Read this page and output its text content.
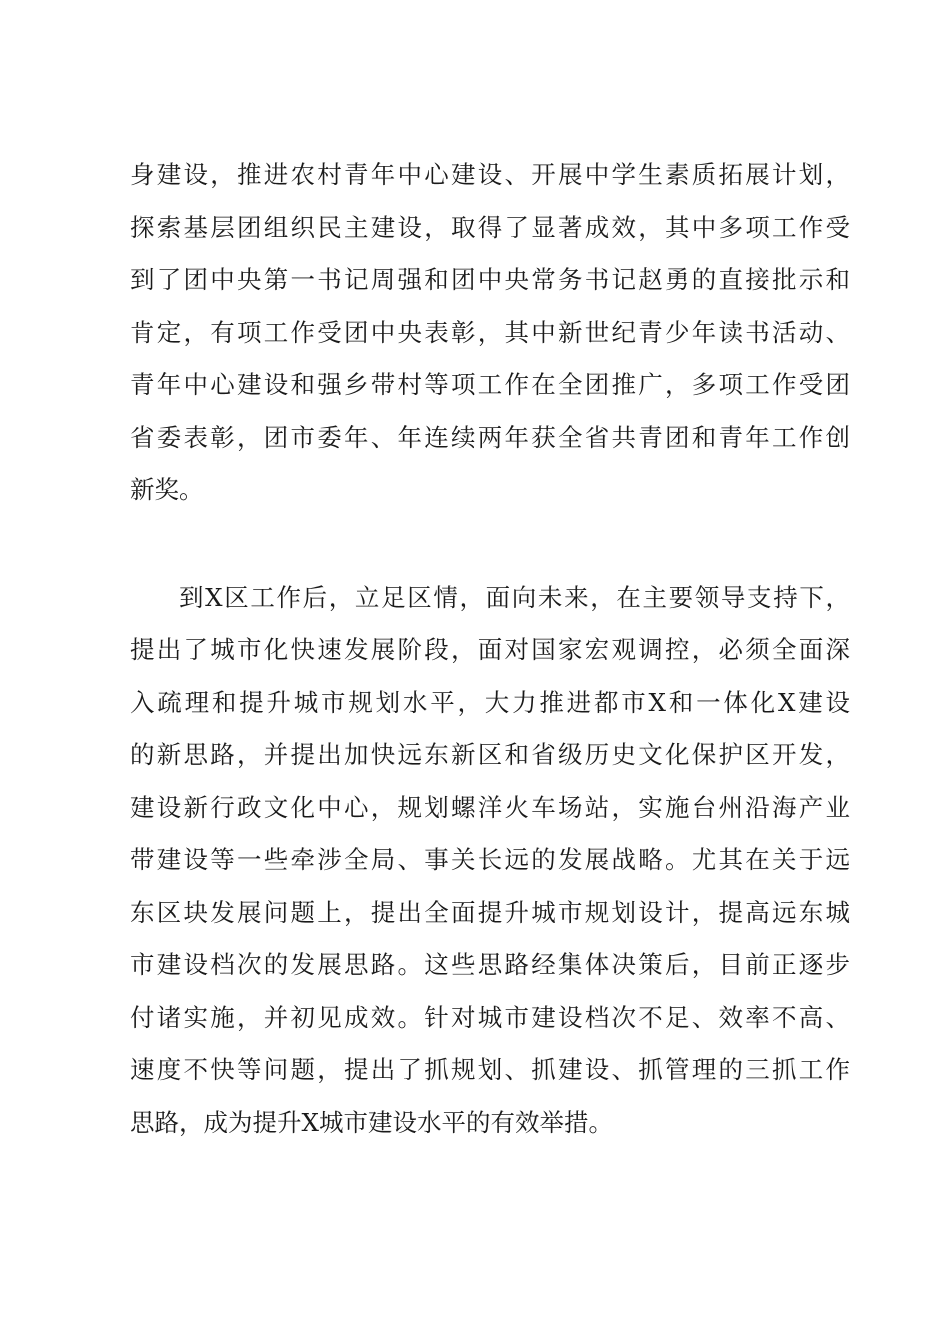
身建设，推进农村青年中心建设、开展中学生素质拓展计划，
探索基层团组织民主建设，取得了显著成效，其中多项工作受
到了团中央第一书记周强和团中央常务书记赵勇的直接批示和
肯定，有项工作受团中央表彰，其中新世纪青少年读书活动、
青年中心建设和强乡带村等项工作在全团推广，多项工作受团
省委表彰，团市委年、年连续两年获全省共青团和青年工作创
新奖。
到X区工作后，立足区情，面向未来，在主要领导支持下，
提出了城市化快速发展阶段，面对国家宏观调控，必须全面深
入疏理和提升城市规划水平，大力推进都市X和一体化X建设
的新思路，并提出加快远东新区和省级历史文化保护区开发，
建设新行政文化中心，规划螺洋火车场站，实施台州沿海产业
带建设等一些牵涉全局、事关长远的发展战略。尤其在关于远
东区块发展问题上，提出全面提升城市规划设计，提高远东城
市建设档次的发展思路。这些思路经集体决策后，目前正逐步
付诸实施，并初见成效。针对城市建设档次不足、效率不高、
速度不快等问题，提出了抓规划、抓建设、抓管理的三抓工作
思路，成为提升X城市建设水平的有效举措。
